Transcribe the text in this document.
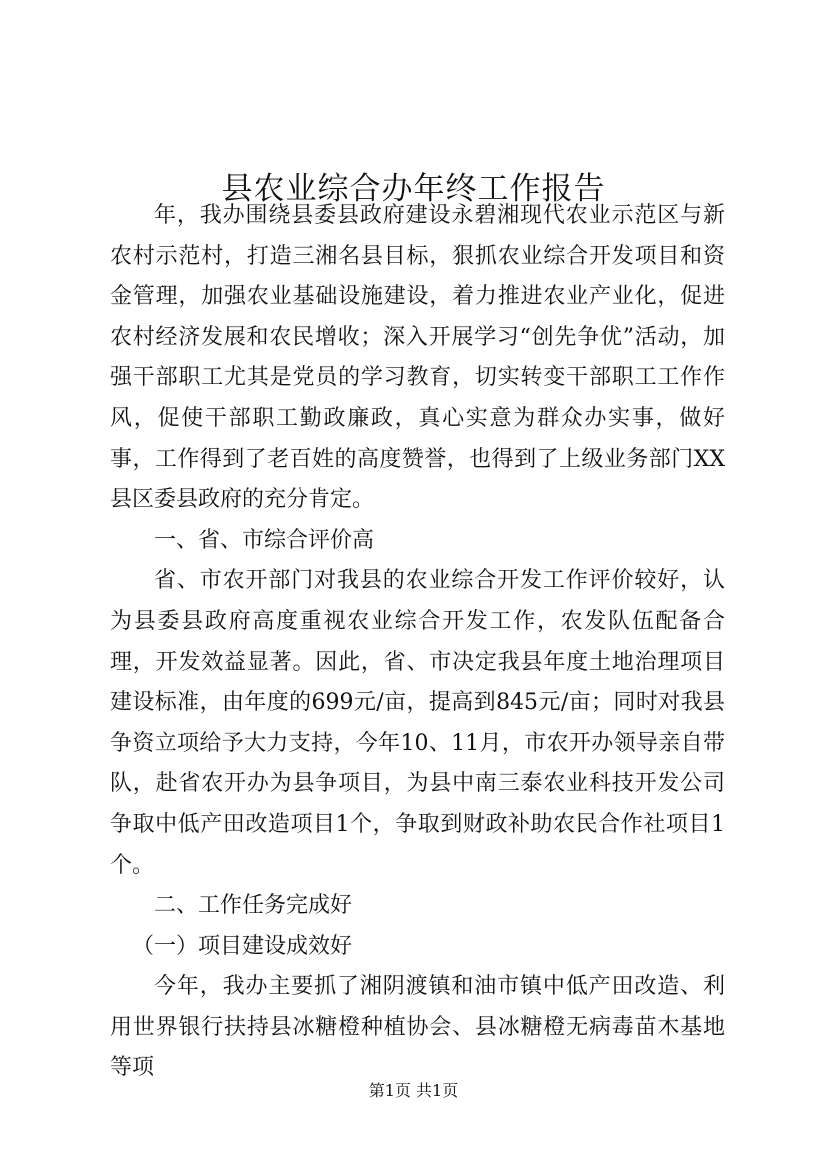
县农业综合办年终工作报告

年，我办围绕县委县政府建设永碧湘现代农业示范区与新农村示范村，打造三湘名县目标，狠抓农业综合开发项目和资金管理，加强农业基础设施建设，着力推进农业产业化，促进农村经济发展和农民增收；深入开展学习“创先争优”活动，加强干部职工尤其是党员的学习教育，切实转变干部职工工作作风，促使干部职工勤政廉政，真心实意为群众办实事，做好事，工作得到了老百姓的高度赞誉，也得到了上级业务部门XX县区委县政府的充分肯定。

一、省、市综合评价高

省、市农开部门对我县的农业综合开发工作评价较好，认为县委县政府高度重视农业综合开发工作，农发队伍配备合理，开发效益显著。因此，省、市决定我县年度土地治理项目建设标准，由年度的699元/亩，提高到845元/亩；同时对我县争资立项给予大力支持，今年10、11月，市农开办领导亲自带队，赴省农开办为县争项目，为县中南三泰农业科技开发公司争取中低产田改造项目1个，争取到财政补助农民合作社项目1个。

二、工作任务完成好

（一）项目建设成效好

今年，我办主要抓了湘阴渡镇和油市镇中低产田改造、利用世界银行扶持县冰糖橙种植协会、县冰糖橙无病毒苗木基地等项

第1页 共1页
